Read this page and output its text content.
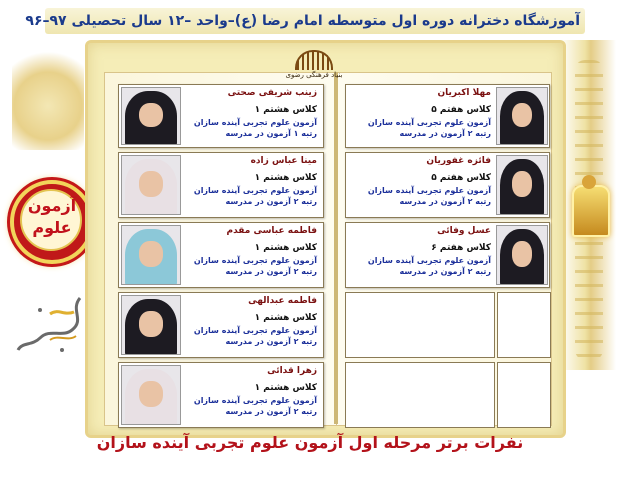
آموزشگاه دخترانه دوره اول متوسطه امام رضا (ع)–واحد –۱۲ سال تحصیلی ۹۷–۹۶
آزمون
علوم
بنیاد فرهنگی رضوی
زینب شریفی صحتی
کلاس هشتم ۱
آزمون علوم تجربی آینده سازان
رتبه ۱ آزمون در مدرسه
مینا عباس زاده
کلاس هشتم ۱
آزمون علوم تجربی آینده سازان
رتبه ۲ آزمون در مدرسه
فاطمه عباسی مقدم
کلاس هشتم ۱
آزمون علوم تجربی آینده سازان
رتبه ۲ آزمون در مدرسه
فاطمه عبدالهی
کلاس هشتم ۱
آزمون علوم تجربی آینده سازان
رتبه ۲ آزمون در مدرسه
زهرا قدائی
کلاس هشتم ۱
آزمون علوم تجربی آینده سازان
رتبه ۲ آزمون در مدرسه
مهلا اکبریان
کلاس هفتم ۵
آزمون علوم تجربی آینده سازان
رتبه ۲ آزمون در مدرسه
فائزه غفوریان
کلاس هفتم ۵
آزمون علوم تجربی آینده سازان
رتبه ۲ آزمون در مدرسه
عسل وفائی
کلاس هفتم ۶
آزمون علوم تجربی آینده سازان
رتبه ۲ آزمون در مدرسه
نفرات برتر مرحله اول آزمون علوم تجربی آینده سازان
